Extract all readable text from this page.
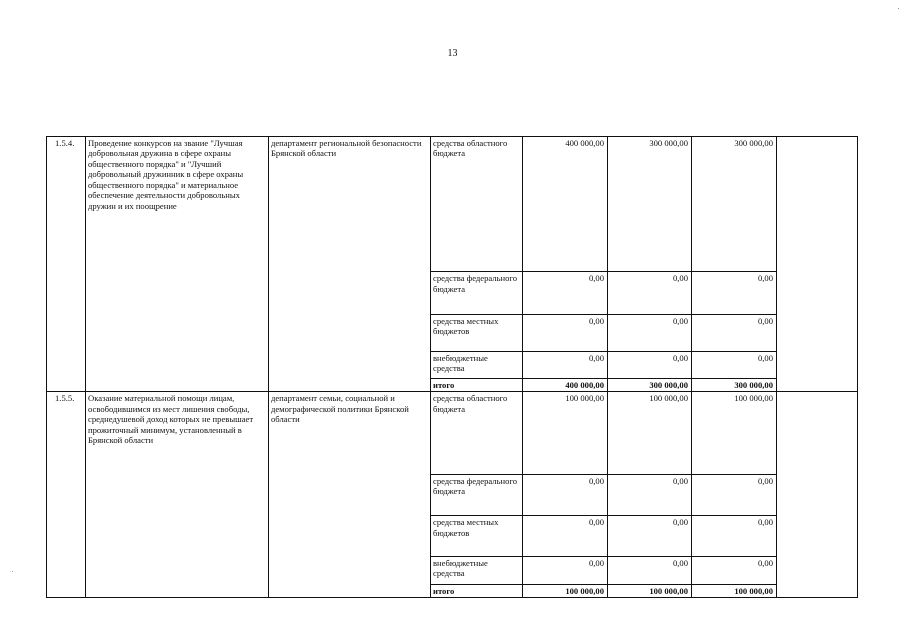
13
1.5.4.	Проведение конкурсов на звание "Лучшая добровольная дружина в сфере охраны общественного порядка" и "Лучший добровольный дружинник в сфере охраны общественного порядка" и материальное обеспечение деятельности добровольных дружин и их поощрение	департамент региональной безопасности Брянской области	средства областного бюджета	400 000,00	300 000,00	300 000,00	
			средства федерального бюджета	0,00	0,00	0,00	
			средства местных бюджетов	0,00	0,00	0,00	
			внебюджетные средства	0,00	0,00	0,00	
			итого	400 000,00	300 000,00	300 000,00	
1.5.5.	Оказание материальной помощи лицам, освободившимся из мест лишения свободы, среднедушевой доход которых не превышает прожиточный минимум, установленный в Брянской области	департамент семьи, социальной и демографической политики Брянской области	средства областного бюджета	100 000,00	100 000,00	100 000,00	
			средства федерального бюджета	0,00	0,00	0,00	
			средства местных бюджетов	0,00	0,00	0,00	
			внебюджетные средства	0,00	0,00	0,00	
			итого	100 000,00	100 000,00	100 000,00	
